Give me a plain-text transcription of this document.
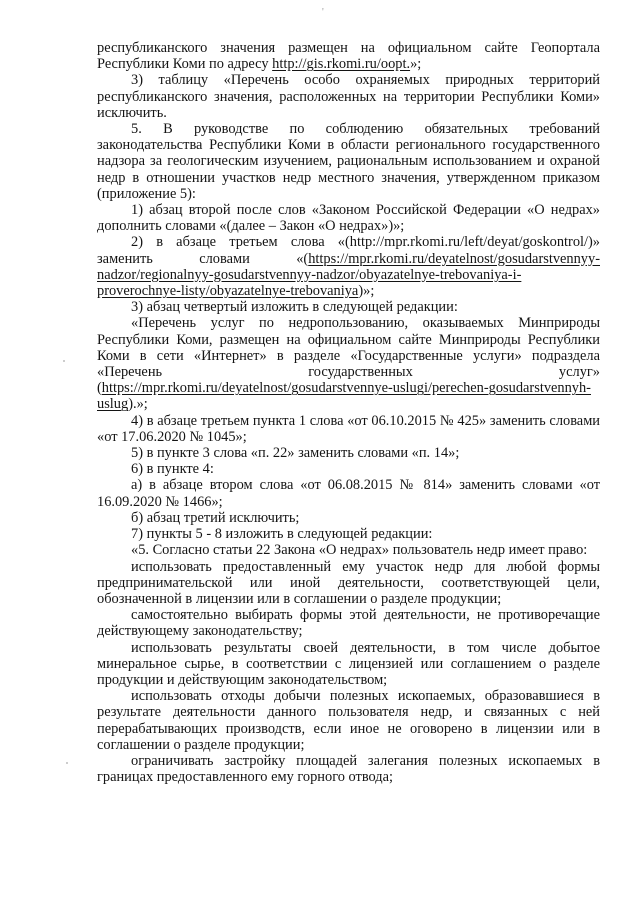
'

республиканского значения размещен на официальном сайте Геопортала Республики Коми по адресу http://gis.rkomi.ru/oopt.»;

3) таблицу «Перечень особо охраняемых природных территорий республиканского значения, расположенных на территории Республики Коми» исключить.

5. В руководстве по соблюдению обязательных требований законодательства Республики Коми в области регионального государственного надзора за геологическим изучением, рациональным использованием и охраной недр в отношении участков недр местного значения, утвержденном приказом (приложение 5):

1) абзац второй после слов «Законом Российской Федерации «О недрах» дополнить словами «(далее – Закон «О недрах»)»;

2) в абзаце третьем слова «(http://mpr.rkomi.ru/left/deyat/goskontrol/)» заменить словами «(https://mpr.rkomi.ru/deyatelnost/gosudarstvennyy-nadzor/regionalnyy-gosudarstvennyy-nadzor/obyazatelnye-trebovaniya-i-proverochnye-listy/obyazatelnye-trebovaniya)»;

3) абзац четвертый изложить в следующей редакции:

«Перечень услуг по недропользованию, оказываемых Минприроды Республики Коми, размещен на официальном сайте Минприроды Республики Коми в сети «Интернет» в разделе «Государственные услуги» подраздела «Перечень государственных услуг» (https://mpr.rkomi.ru/deyatelnost/gosudarstvennye-uslugi/perechen-gosudarstvennyh-uslug).»;

4) в абзаце третьем пункта 1 слова «от 06.10.2015 № 425» заменить словами «от 17.06.2020 № 1045»;

5) в пункте 3 слова «п. 22» заменить словами «п. 14»;

6) в пункте 4:

а) в абзаце втором слова «от 06.08.2015 № 814» заменить словами «от 16.09.2020 № 1466»;

б) абзац третий исключить;

7) пункты 5 - 8 изложить в следующей редакции:

«5. Согласно статьи 22 Закона «О недрах» пользователь недр имеет право:

использовать предоставленный ему участок недр для любой формы предпринимательской или иной деятельности, соответствующей цели, обозначенной в лицензии или в соглашении о разделе продукции;

самостоятельно выбирать формы этой деятельности, не противоречащие действующему законодательству;

использовать результаты своей деятельности, в том числе добытое минеральное сырье, в соответствии с лицензией или соглашением о разделе продукции и действующим законодательством;

использовать отходы добычи полезных ископаемых, образовавшиеся в результате деятельности данного пользователя недр, и связанных с ней перерабатывающих производств, если иное не оговорено в лицензии или в соглашении о разделе продукции;

ограничивать застройку площадей залегания полезных ископаемых в границах предоставленного ему горного отвода;
